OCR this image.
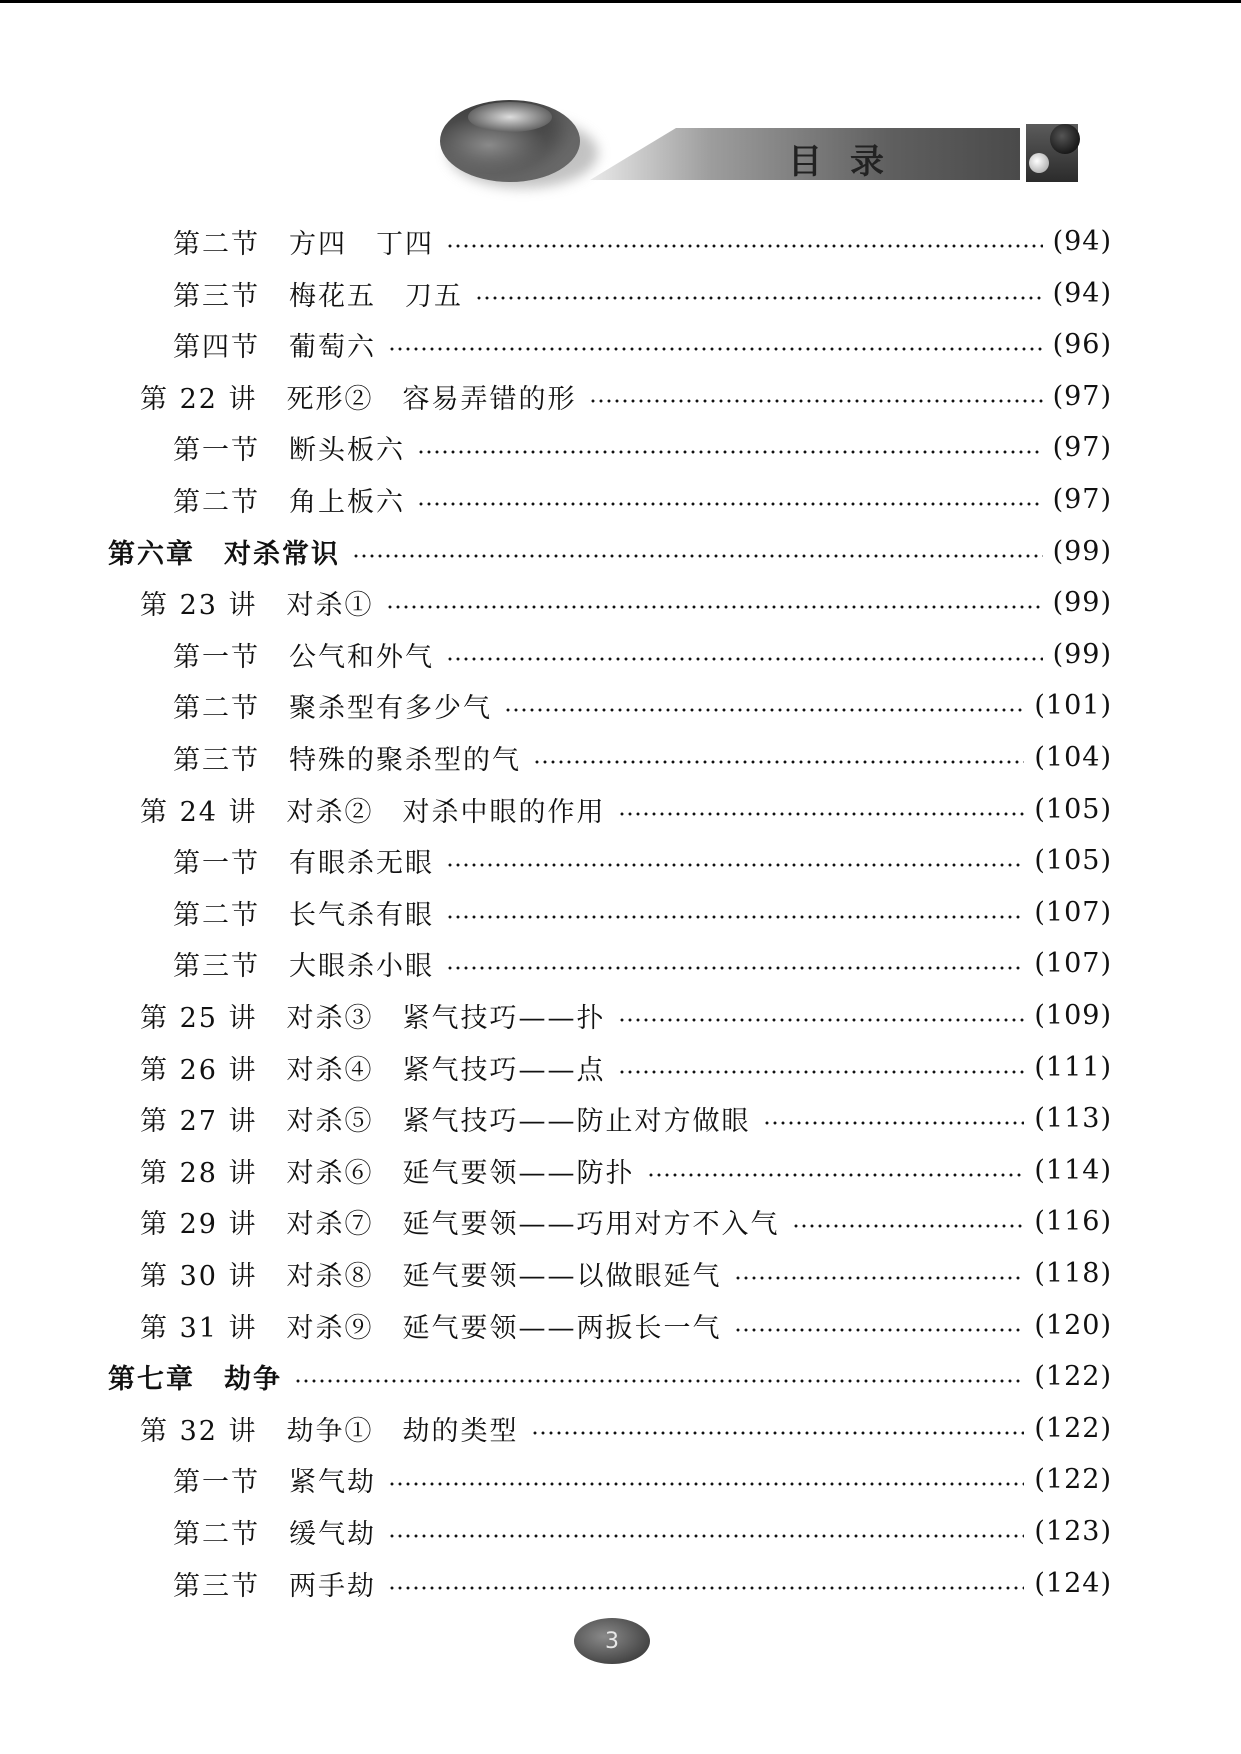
目录
第二节　方四　丁四	(94)
第三节　梅花五　刀五	(94)
第四节　葡萄六	(96)
第 22 讲　死形②　容易弄错的形	(97)
第一节　断头板六	(97)
第二节　角上板六	(97)
第六章　对杀常识	(99)
第 23 讲　对杀①	(99)
第一节　公气和外气	(99)
第二节　聚杀型有多少气	(101)
第三节　特殊的聚杀型的气	(104)
第 24 讲　对杀②　对杀中眼的作用	(105)
第一节　有眼杀无眼	(105)
第二节　长气杀有眼	(107)
第三节　大眼杀小眼	(107)
第 25 讲　对杀③　紧气技巧——扑	(109)
第 26 讲　对杀④　紧气技巧——点	(111)
第 27 讲　对杀⑤　紧气技巧——防止对方做眼	(113)
第 28 讲　对杀⑥　延气要领——防扑	(114)
第 29 讲　对杀⑦　延气要领——巧用对方不入气	(116)
第 30 讲　对杀⑧　延气要领——以做眼延气	(118)
第 31 讲　对杀⑨　延气要领——两扳长一气	(120)
第七章　劫争	(122)
第 32 讲　劫争①　劫的类型	(122)
第一节　紧气劫	(122)
第二节　缓气劫	(123)
第三节　两手劫	(124)
3
